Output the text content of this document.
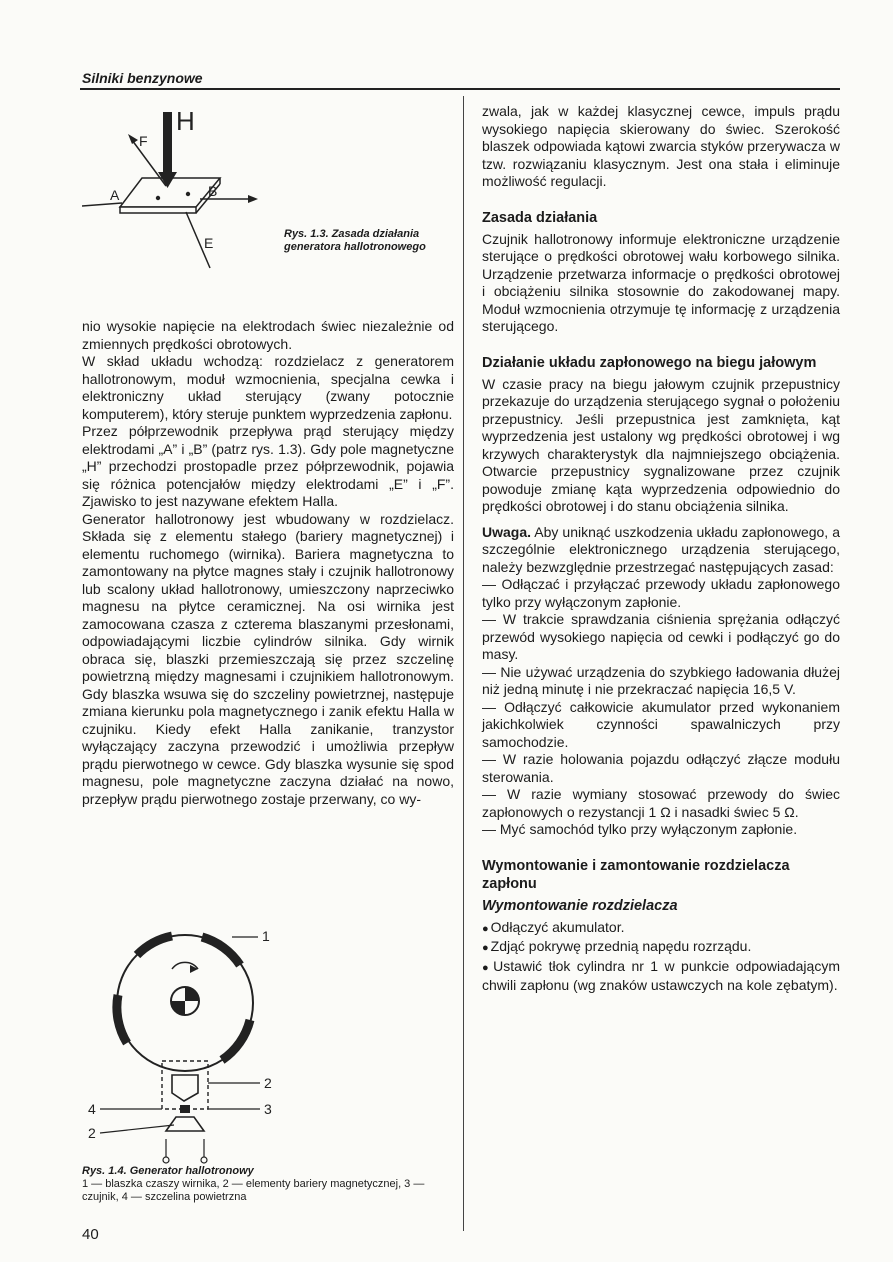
Silniki benzynowe
H
F
A	B
E
Rys. 1.3. Zasada działania generatora hallotronowego

nio wysokie napięcie na elektrodach świec niezależnie od zmiennych prędkości obrotowych.

W skład układu wchodzą: rozdzielacz z generatorem hallotronowym, moduł wzmocnienia, specjalna cewka i elektroniczny układ sterujący (zwany potocznie komputerem), który steruje punktem wyprzedzenia zapłonu.

Przez półprzewodnik przepływa prąd sterujący między elektrodami „A” i „B” (patrz rys. 1.3). Gdy pole magnetyczne „H” przechodzi prostopadle przez półprzewodnik, pojawia się różnica potencjałów między elektrodami „E” i „F”. Zjawisko to jest nazywane efektem Halla.

Generator hallotronowy jest wbudowany w rozdzielacz. Składa się z elementu stałego (bariery magnetycznej) i elementu ruchomego (wirnika). Bariera magnetyczna to zamontowany na płytce magnes stały i czujnik hallotronowy lub scalony układ hallotronowy, umieszczony naprzeciwko magnesu na płytce ceramicznej. Na osi wirnika jest zamocowana czasza z czterema blaszanymi przesłonami, odpowiadającymi liczbie cylindrów silnika. Gdy wirnik obraca się, blaszki przemieszczają się przez szczelinę powietrzną między magnesami i czujnikiem hallotronowym. Gdy blaszka wsuwa się do szczeliny powietrznej, następuje zmiana kierunku pola magnetycznego i zanik efektu Halla w czujniku. Kiedy efekt Halla zanikanie, tranzystor wyłączający zaczyna przewodzić i umożliwia przepływ prądu pierwotnego w cewce. Gdy blaszka wysunie się spod magnesu, pole magnetyczne zaczyna działać na nowo, przepływ prądu pierwotnego zostaje przerwany, co wy-

1
2
3
4
2
Rys. 1.4. Generator hallotronowy
1 — blaszka czaszy wirnika, 2 — elementy bariery magnetycznej, 3 — czujnik, 4 — szczelina powietrzna

zwala, jak w każdej klasycznej cewce, impuls prądu wysokiego napięcia skierowany do świec. Szerokość blaszek odpowiada kątowi zwarcia styków przerywacza w tzw. rozwiązaniu klasycznym. Jest ona stała i eliminuje możliwość regulacji.

Zasada działania

Czujnik hallotronowy informuje elektroniczne urządzenie sterujące o prędkości obrotowej wału korbowego silnika. Urządzenie przetwarza informacje o prędkości obrotowej i obciążeniu silnika stosownie do zakodowanej mapy. Moduł wzmocnienia otrzymuje tę informację z urządzenia sterującego.

Działanie układu zapłonowego na biegu jałowym

W czasie pracy na biegu jałowym czujnik przepustnicy przekazuje do urządzenia sterującego sygnał o położeniu przepustnicy. Jeśli przepustnica jest zamknięta, kąt wyprzedzenia jest ustalony wg prędkości obrotowej i wg krzywych charakterystyk dla najmniejszego obciążenia. Otwarcie przepustnicy sygnalizowane przez czujnik powoduje zmianę kąta wyprzedzenia odpowiednio do prędkości obrotowej i do stanu obciążenia silnika.

Uwaga. Aby uniknąć uszkodzenia układu zapłonowego, a szczególnie elektronicznego urządzenia sterującego, należy bezwzględnie przestrzegać następujących zasad:

— Odłączać i przyłączać przewody układu zapłonowego tylko przy wyłączonym zapłonie.

— W trakcie sprawdzania ciśnienia sprężania odłączyć przewód wysokiego napięcia od cewki i podłączyć go do masy.

— Nie używać urządzenia do szybkiego ładowania dłużej niż jedną minutę i nie przekraczać napięcia 16,5 V.

— Odłączyć całkowicie akumulator przed wykonaniem jakichkolwiek czynności spawalniczych przy samochodzie.

— W razie holowania pojazdu odłączyć złącze modułu sterowania.

— W razie wymiany stosować przewody do świec zapłonowych o rezystancji 1 Ω i nasadki świec 5 Ω.

— Myć samochód tylko przy wyłączonym zapłonie.

Wymontowanie i zamontowanie rozdzielacza zapłonu
Wymontowanie rozdzielacza

● Odłączyć akumulator.

● Zdjąć pokrywę przednią napędu rozrządu.

● Ustawić tłok cylindra nr 1 w punkcie odpowiadającym chwili zapłonu (wg znaków ustawczych na kole zębatym).

40
